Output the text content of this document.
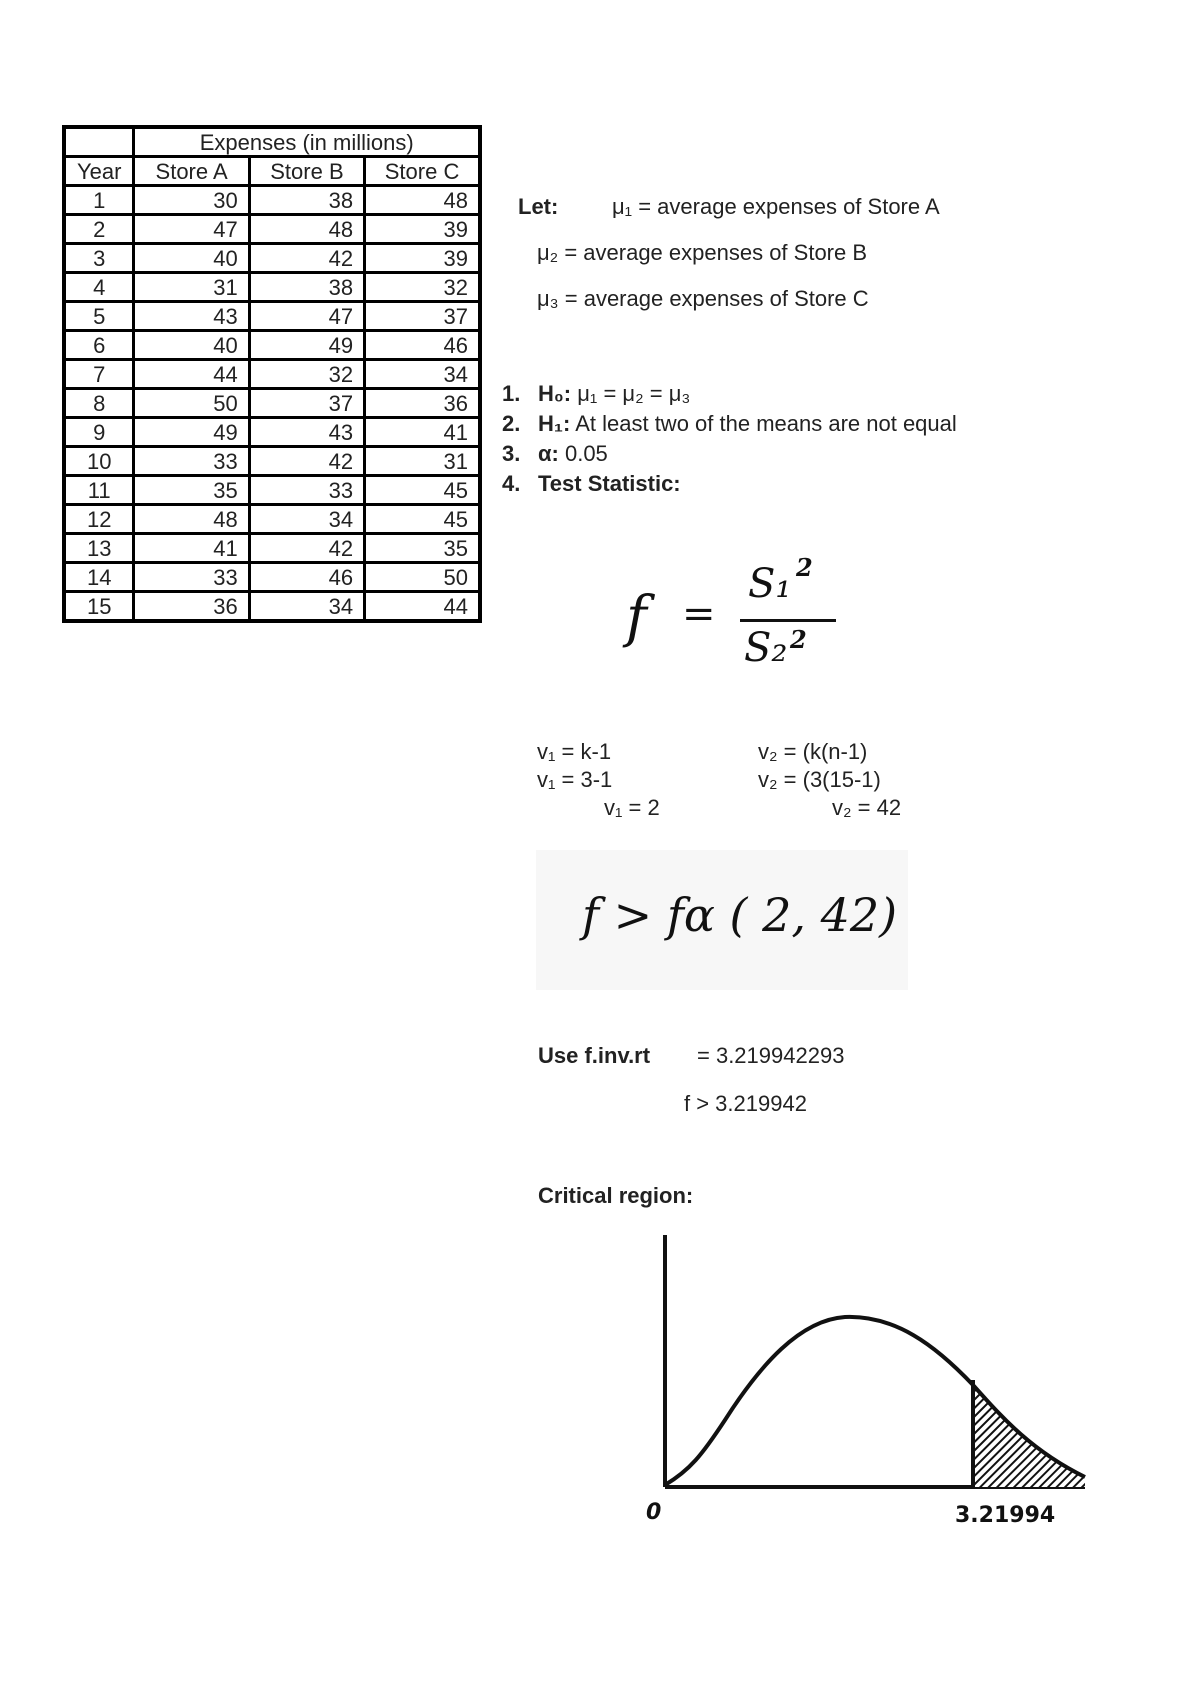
	Expenses (in millions)		
Year	Store A	Store B	Store C
1	30	38	48
2	47	48	39
3	40	42	39
4	31	38	32
5	43	47	37
6	40	49	46
7	44	32	34
8	50	37	36
9	49	43	41
10	33	42	31
11	35	33	45
12	48	34	45
13	41	42	35
14	33	46	50
15	36	34	44
Let: μ₁ = average expenses of Store A
μ₂ = average expenses of Store B
μ₃ = average expenses of Store C
1. H₀: μ₁ = μ₂ = μ₃
2. H₁: At least two of the means are not equal
3. α: 0.05
4. Test Statistic:
f =
S₁ 2
S₂ 2
v₁ = k-1
v₁ = 3-1
v₁ = 2
v₂ = (k(n-1)
v₂ = (3(15-1)
v₂ = 42
f > fα ( 2, 42)
Use f.inv.rt = 3.219942293
f > 3.219942
Critical region:
0	3.21994
